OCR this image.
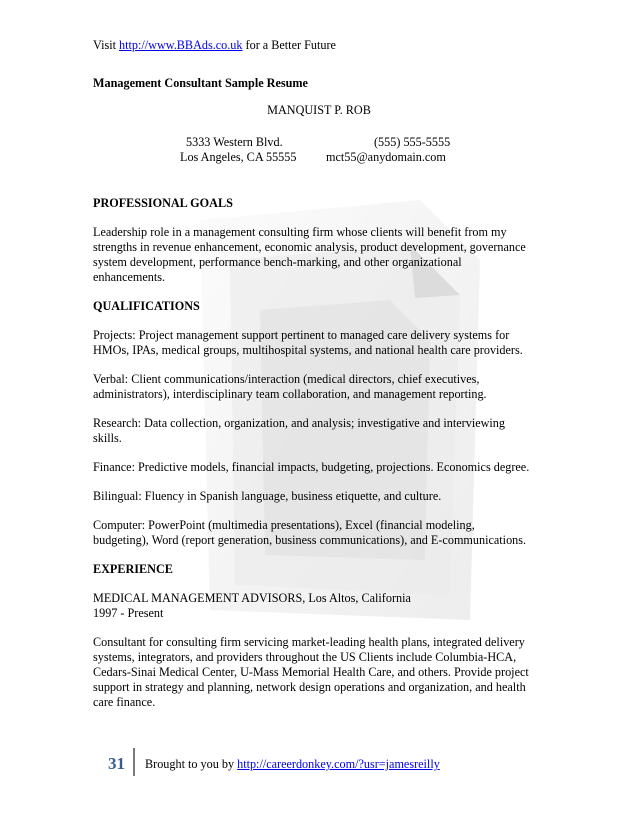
Visit http://www.BBAds.co.uk for a Better Future
Management Consultant Sample Resume
MANQUIST P. ROB
5333 Western Blvd.
Los Angeles, CA 55555
(555) 555-5555
mct55@anydomain.com
PROFESSIONAL GOALS
Leadership role in a management consulting firm whose clients will benefit from my
strengths in revenue enhancement, economic analysis, product development, governance
system development, performance bench-marking, and other organizational
enhancements.
QUALIFICATIONS
Projects: Project management support pertinent to managed care delivery systems for
HMOs, IPAs, medical groups, multihospital systems, and national health care providers.
Verbal: Client communications/interaction (medical directors, chief executives,
administrators), interdisciplinary team collaboration, and management reporting.
Research: Data collection, organization, and analysis; investigative and interviewing
skills.
Finance: Predictive models, financial impacts, budgeting, projections. Economics degree.
Bilingual: Fluency in Spanish language, business etiquette, and culture.
Computer: PowerPoint (multimedia presentations), Excel (financial modeling,
budgeting), Word (report generation, business communications), and E-communications.
EXPERIENCE
MEDICAL MANAGEMENT ADVISORS, Los Altos, California
1997 - Present
Consultant for consulting firm servicing market-leading health plans, integrated delivery
systems, integrators, and providers throughout the US Clients include Columbia-HCA,
Cedars-Sinai Medical Center, U-Mass Memorial Health Care, and others. Provide project
support in strategy and planning, network design operations and organization, and health
care finance.
31 Brought to you by http://careerdonkey.com/?usr=jamesreilly
